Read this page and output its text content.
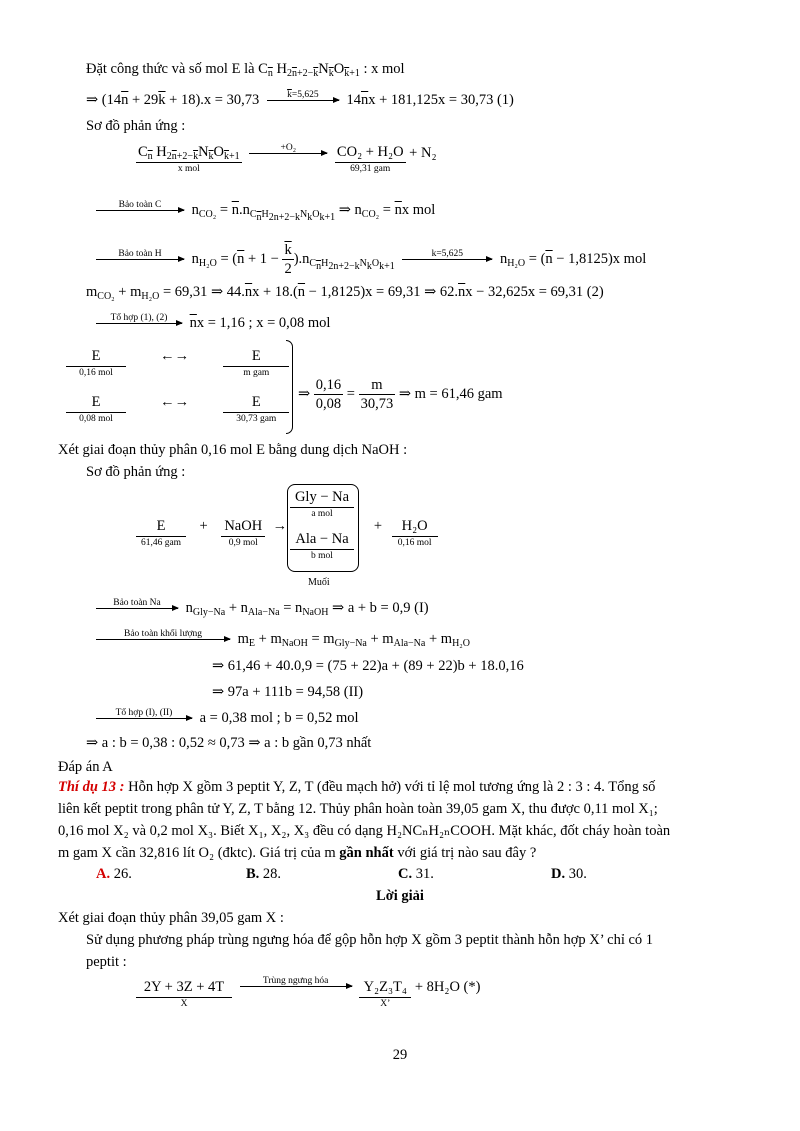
Đặt công thức và số mol E là $C_{\overline{n}}$ $H_{2\overline{n}+2-\overline{k}}N_{\overline{k}}O_{\overline{k}+1}$ : x mol
⇒ $(14\overline{n} + 29\overline{k} + 18).x = 30,73$	$\overline{k}=5,625$	$14\overline{n}x + 181,125x = 30,73$ (1)
Sơ đồ phản ứng :
$C_{\overline{n}}$ $H_{2\overline{n}+2-\overline{k}}N_{\overline{k}}O_{\overline{k}+1}$
x mol

+O₂
	CO₂ + H₂O
69,31 gam
+ N₂
Bảo toàn C	$n_{CO_2} = \overline{n}.n_{C_{\overline{n}}H_{2n+2-k}N_kO_{k+1}}$ ⇒ $n_{CO_2} = \overline{n}x$ mol
Bảo toàn H	$n_{H_2O} = (\overline{n} + 1 - \frac{\overline{k}}{2} ).n_{C_{\overline{n}}H_{2n+2-k}N_kO_{k+1}}$
k=5,625	$n_{H_2O} = (\overline{n} - 1,8125)x$ mol
$m_{CO_2} + m_{H_2O} = 69,31$ ⇒ $44.\overline{n}x + 18.(\overline{n} - 1,8125)x = 69,31$ ⇒ $62.\overline{n}x - 32,625x = 69,31$ (2)
Tổ hợp (1), (2)	$\overline{n}x = 1,16$ ; x = 0,08 mol
E
0,16 mol
←→	E
m gam
E
0,08 mol
←→	E
30,73 gam
⇒ $\frac{0,16}{0,08} = \frac{m}{30,73}$ ⇒ m = 61,46 gam
Xét giai đoạn thủy phân 0,16 mol E bằng dung dịch NaOH :
Sơ đồ phản ứng :
E
61,46 gam
+ NaOH
0,9 mol
→
Gly − Na
a mol
Ala − Na
b mol
Muối
+	H₂O
0,16 mol
Bảo toàn Na	$n_{Gly-Na} + n_{Ala-Na} = n_{NaOH}$ ⇒ a + b = 0,9 (I)
Bảo toàn khối lượng	$m_E + m_{NaOH} = m_{Gly-Na} + m_{Ala-Na} + m_{H_2O}$
⇒ 61,46 + 40.0,9 = (75 + 22)a + (89 + 22)b + 18.0,16
⇒ 97a + 111b = 94,58 (II)
Tổ hợp (I), (II)	a = 0,38 mol ; b = 0,52 mol
⇒ a : b = 0,38 : 0,52 ≈ 0,73 ⇒ a : b gần 0,73 nhất
Đáp án A
Thí dụ 13 : Hỗn hợp X gồm 3 peptit Y, Z, T (đều mạch hở) với tỉ lệ mol tương ứng là 2 : 3 : 4. Tổng số
liên kết peptit trong phân tử Y, Z, T bằng 12. Thủy phân hoàn toàn 39,05 gam X, thu được 0,11 mol X₁;
0,16 mol X₂ và 0,2 mol X₃. Biết X₁, X₂, X₃ đều có dạng H₂NCₙH₂ₙCOOH. Mặt khác, đốt cháy hoàn toàn
m gam X cần 32,816 lít O₂ (đktc). Giá trị của m gần nhất với giá trị nào sau đây ?
A. 26.	B. 28.	C. 31.	D. 30.
Lời giải
Xét giai đoạn thủy phân 39,05 gam X :
Sử dụng phương pháp trùng ngưng hóa để gộp hỗn hợp X gồm 3 peptit thành hỗn hợp X’ chỉ có 1
peptit :
2Y + 3Z + 4T
X

Trùng ngưng hóa
	Y₂Z₃T₄
X’
+ 8H₂O (*)
29
